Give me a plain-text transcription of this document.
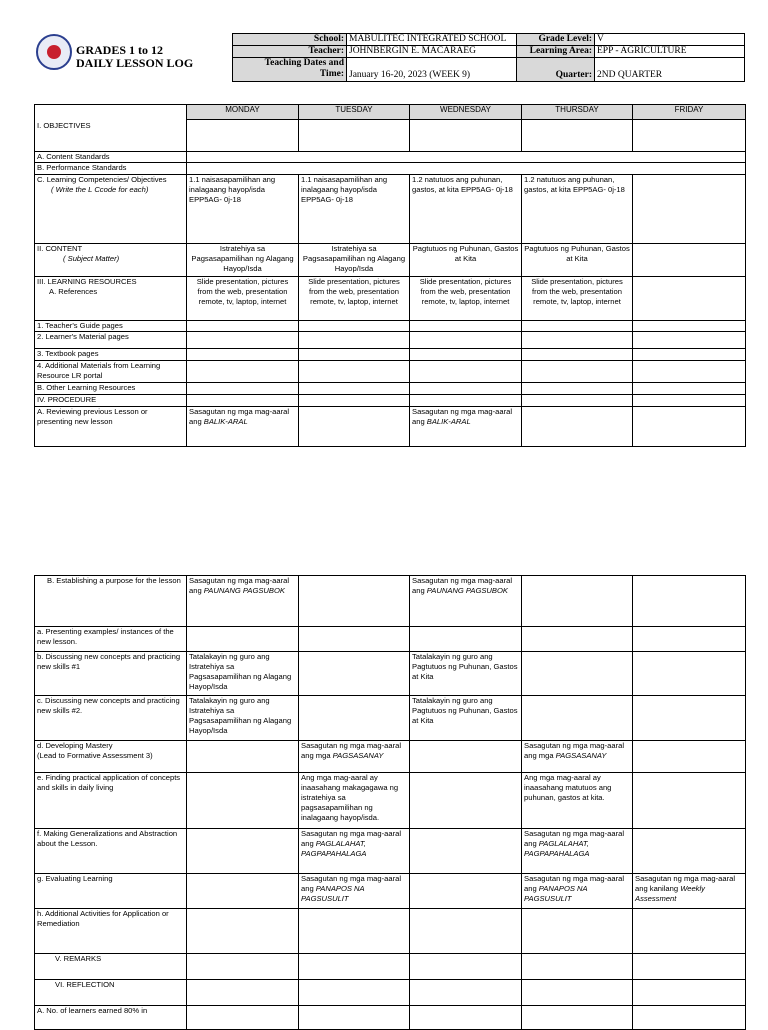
GRADES 1 to 12
DAILY LESSON LOG
School:	MABULITEC INTEGRATED SCHOOL	Grade Level:	V
Teacher:	JOHNBERGIN E. MACARAEG	Learning Area:	EPP - AGRICULTURE

Teaching Dates and
Time:	January 16-20, 2023 (WEEK 9)	Quarter:	2ND QUARTER
I. OBJECTIVES	MONDAY	TUESDAY	WEDNESDAY	THURSDAY	FRIDAY

A. Content Standards					
B. Performance Standards					

C. Learning Competencies/ Objectives
( Write the L Ccode for each)	1.1 naisasapamilihan ang inalagaang hayop/isda EPP5AG- 0j-18	1.1 naisasapamilihan ang inalagaang hayop/isda EPP5AG- 0j-18	1.2 natutuos ang puhunan, gastos, at kita EPP5AG- 0j-18	1.2 natutuos ang puhunan, gastos, at kita EPP5AG- 0j-18	

II. CONTENT
( Subject Matter)	Istratehiya sa Pagsasapamilihan ng Alagang Hayop/Isda	Istratehiya sa Pagsasapamilihan ng Alagang Hayop/Isda	Pagtutuos ng Puhunan, Gastos at Kita	Pagtutuos ng Puhunan, Gastos at Kita	

III. LEARNING RESOURCES
A. References	Slide presentation, pictures from the web, presentation remote, tv, laptop, internet	Slide presentation, pictures from the web, presentation remote, tv, laptop, internet	Slide presentation, pictures from the web, presentation remote, tv, laptop, internet	Slide presentation, pictures from the web, presentation remote, tv, laptop, internet	
1. Teacher's Guide pages					
2. Learner's Material pages					
3. Textbook pages					
4. Additional Materials from Learning Resource LR portal					
B. Other Learning Resources					
IV. PROCEDURE					
A. Reviewing previous Lesson or presenting new lesson	Sasagutan ng mga mag-aaral ang BALIK-ARAL		Sasagutan ng mga mag-aaral ang BALIK-ARAL		
B. Establishing a purpose for the lesson	Sasagutan ng mga mag-aaral ang PAUNANG PAGSUBOK		Sasagutan ng mga mag-aaral ang PAUNANG PAGSUBOK		
a. Presenting examples/ instances of the new lesson.					
b. Discussing new concepts and practicing new skills #1	Tatalakayin ng guro ang Istratehiya sa Pagsasapamilihan ng Alagang Hayop/Isda		Tatalakayin ng guro ang Pagtutuos ng Puhunan, Gastos at Kita		
c. Discussing new concepts and practicing new skills #2.	Tatalakayin ng guro ang Istratehiya sa Pagsasapamilihan ng Alagang Hayop/Isda		Tatalakayin ng guro ang Pagtutuos ng Puhunan, Gastos at Kita		

d. Developing Mastery
(Lead to Formative Assessment 3)		Sasagutan ng mga mag-aaral ang mga PAGSASANAY		Sasagutan ng mga mag-aaral ang mga PAGSASANAY	
e. Finding practical application of concepts and skills in daily living		Ang mga mag-aaral ay inaasahang makagagawa ng istratehiya sa pagsasapamilihan ng inalagaang hayop/isda.		Ang mga mag-aaral ay inaasahang matutuos ang puhunan, gastos at kita.	
f. Making Generalizations and Abstraction about the Lesson.		Sasagutan ng mga mag-aaral ang PAGLALAHAT, PAGPAPAHALAGA		Sasagutan ng mga mag-aaral ang PAGLALAHAT, PAGPAPAHALAGA	
g. Evaluating Learning		Sasagutan ng mga mag-aaral ang PANAPOS NA PAGSUSULIT		Sasagutan ng mga mag-aaral ang PANAPOS NA PAGSUSULIT	Sasagutan ng mga mag-aaral ang kanilang Weekly Assessment
h. Additional Activities for Application or Remediation					
V. REMARKS					
VI. REFLECTION					
A. No. of learners earned 80% in					
